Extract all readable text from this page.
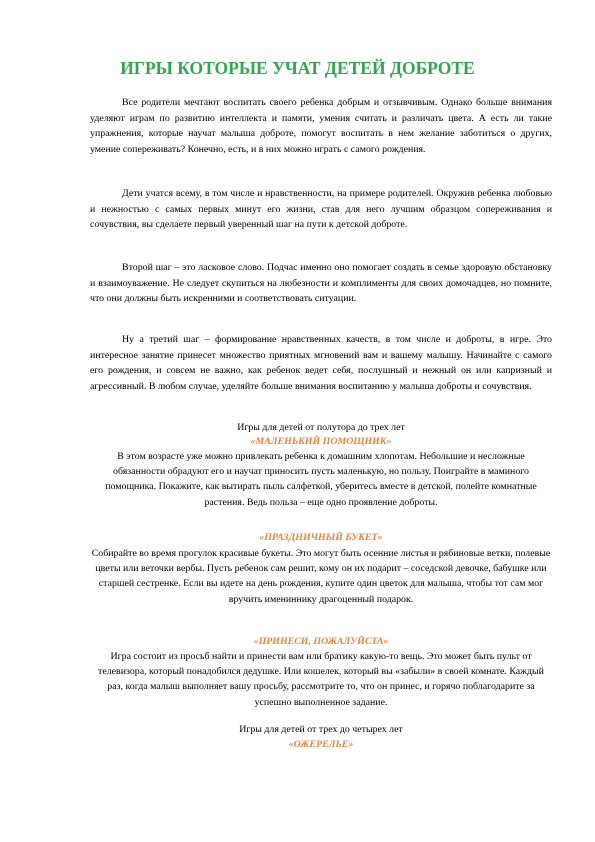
ИГРЫ КОТОРЫЕ УЧАТ ДЕТЕЙ ДОБРОТЕ

Все родители мечтают воспитать своего ребенка добрым и отзывчивым. Однако больше внимания уделяют играм по развитию интеллекта и памяти, умения считать и различать цвета. А есть ли такие упражнения, которые научат малыша доброте, помогут воспитать в нем желание заботиться о других, умение сопереживать? Конечно, есть, и в них можно играть с самого рождения.

Дети учатся всему, в том числе и нравственности, на примере родителей. Окружив ребенка любовью и нежностью с самых первых минут его жизни, став для него лучшим образцом сопереживания и сочувствия, вы сделаете первый уверенный шаг на пути к детской доброте.

Второй шаг – это ласковое слово. Подчас именно оно помогает создать в семье здоровую обстановку и взаимоуважение. Не следует скупиться на любезности и комплименты для своих домочадцев, но помните, что они должны быть искренними и соответствовать ситуации.

Ну а третий шаг – формирование нравственных качеств, в том числе и доброты, в игре. Это интересное занятие принесет множество приятных мгновений вам и вашему малышу. Начинайте с самого его рождения, и совсем не важно, как ребенок ведет себя, послушный и нежный он или капризный и агрессивный. В любом случае, уделяйте больше внимания воспитанию у малыша доброты и сочувствия.

Игры для детей от полутора до трех лет

«МАЛЕНЬКИЙ ПОМОЩНИК»

В этом возрасте уже можно привлекать ребенка к домашним хлопотам. Небольшие и несложные обязанности обрадуют его и научат приносить пусть маленькую, но пользу. Поиграйте в маминого помощника. Покажите, как вытирать пыль салфеткой, уберитесь вместе в детской, полейте комнатные растения. Ведь польза – еще одно проявление доброты.

«ПРАЗДНИЧНЫЙ БУКЕТ»

Собирайте во время прогулок красивые букеты. Это могут быть осенние листья и рябиновые ветки, полевые цветы или веточки вербы. Пусть ребенок сам решит, кому он их подарит – соседской девочке, бабушке или старшей сестренке. Если вы идете на день рождения, купите один цветок для малыша, чтобы тот сам мог вручить имениннику драгоценный подарок.

«ПРИНЕСИ, ПОЖАЛУЙСТА»

Игра состоит из просьб найти и принести вам или братику какую-то вещь. Это может быть пульт от телевизора, который понадобился дедушке. Или кошелек, который вы «забыли» в своей комнате. Каждый раз, когда малыш выполняет вашу просьбу, рассмотрите то, что он принес, и горячо поблагодарите за успешно выполненное задание.

Игры для детей от трех до четырех лет

«ОЖЕРЕЛЬЕ»
